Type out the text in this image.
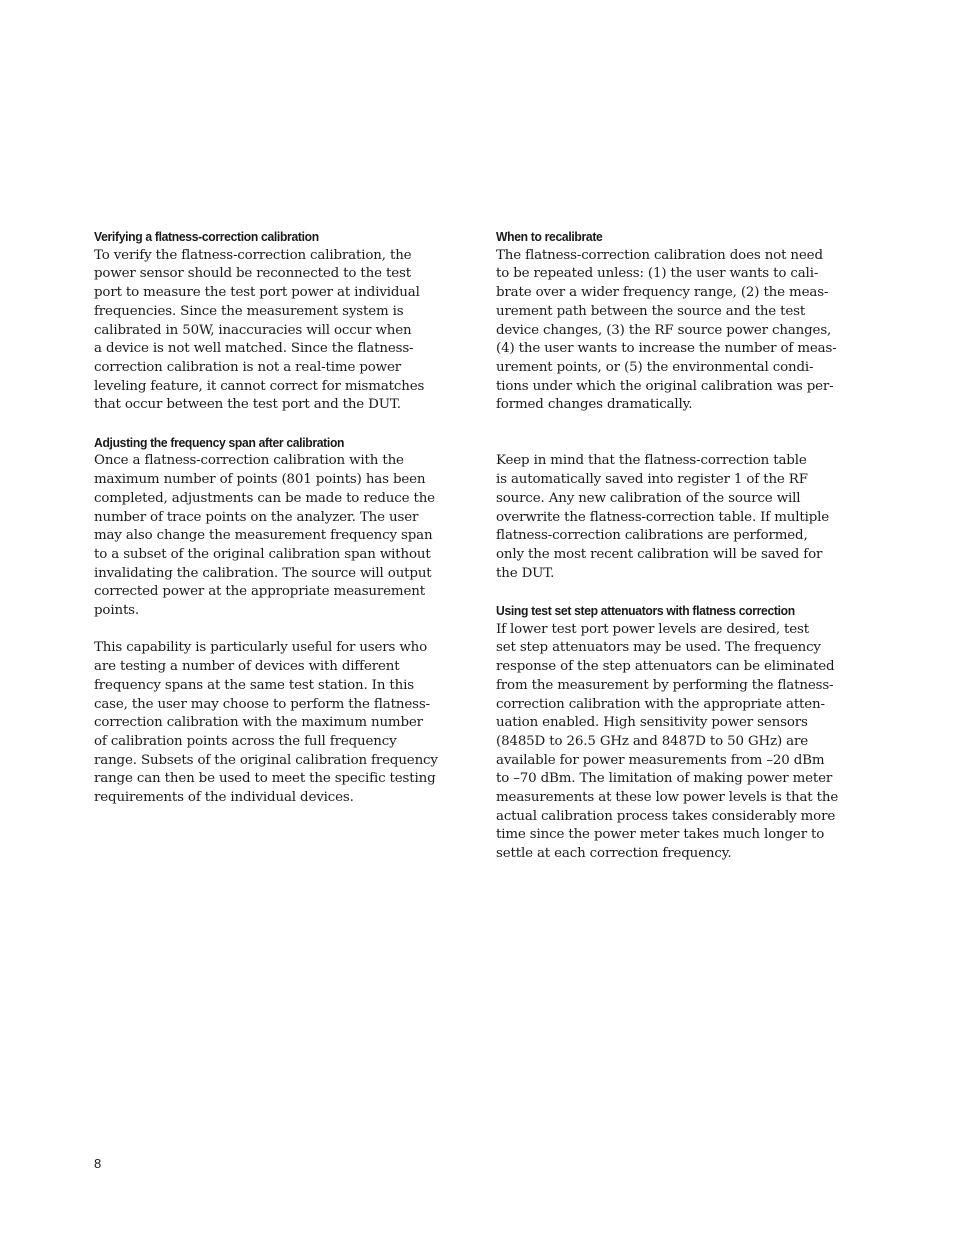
Verifying a flatness-correction calibration

To verify the flatness-correction calibration, the

power sensor should be reconnected to the test

port to measure the test port power at individual

frequencies. Since the measurement system is

calibrated in 50W, inaccuracies will occur when

a device is not well matched. Since the flatness-

correction calibration is not a real-time power

leveling feature, it cannot correct for mismatches

that occur between the test port and the DUT.

Adjusting the frequency span after calibration

Once a flatness-correction calibration with the

maximum number of points (801 points) has been

completed, adjustments can be made to reduce the

number of trace points on the analyzer. The user

may also change the measurement frequency span

to a subset of the original calibration span without

invalidating the calibration. The source will output

corrected power at the appropriate measurement

points.

This capability is particularly useful for users who

are testing a number of devices with different

frequency spans at the same test station. In this

case, the user may choose to perform the flatness-

correction calibration with the maximum number

of calibration points across the full frequency

range. Subsets of the original calibration frequency

range can then be used to meet the specific testing

requirements of the individual devices.

When to recalibrate

The flatness-correction calibration does not need

to be repeated unless: (1) the user wants to cali-

brate over a wider frequency range, (2) the meas-

urement path between the source and the test

device changes, (3) the RF source power changes,

(4) the user wants to increase the number of meas-

urement points, or (5) the environmental condi-

tions under which the original calibration was per-

formed changes dramatically.

Keep in mind that the flatness-correction table

is automatically saved into register 1 of the RF

source. Any new calibration of the source will

overwrite the flatness-correction table. If multiple

flatness-correction calibrations are performed,

only the most recent calibration will be saved for

the DUT.

Using test set step attenuators with flatness correction

If lower test port power levels are desired, test

set step attenuators may be used. The frequency

response of the step attenuators can be eliminated

from the measurement by performing the flatness-

correction calibration with the appropriate atten-

uation enabled. High sensitivity power sensors

(8485D to 26.5 GHz and 8487D to 50 GHz) are

available for power measurements from –20 dBm

to –70 dBm. The limitation of making power meter

measurements at these low power levels is that the

actual calibration process takes considerably more

time since the power meter takes much longer to

settle at each correction frequency.

8
